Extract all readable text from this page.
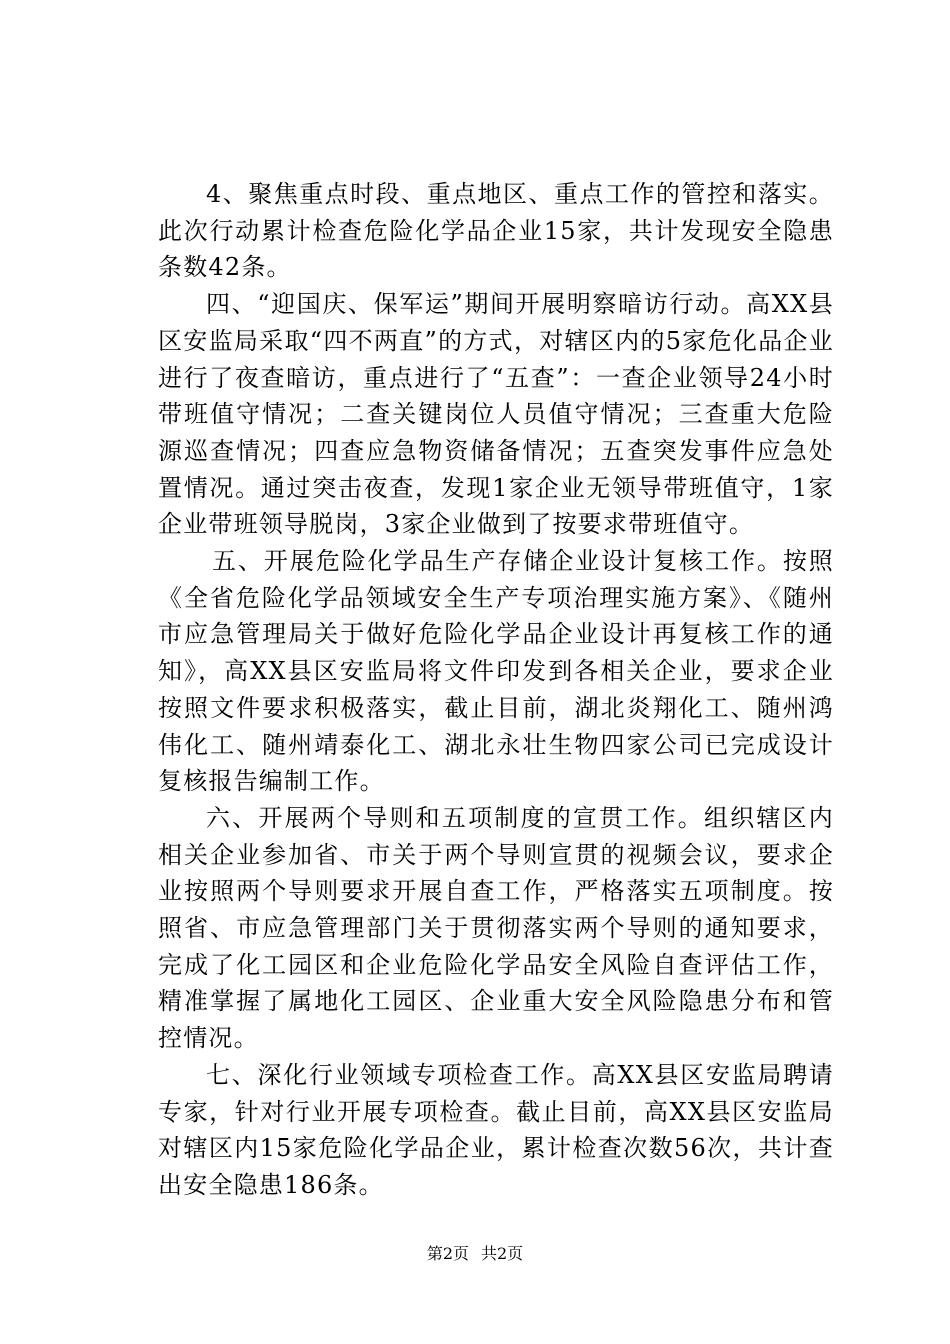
4、聚焦重点时段、重点地区、重点工作的管控和落实。此次行动累计检查危险化学品企业15家，共计发现安全隐患条数42条。

四、“迎国庆、保军运”期间开展明察暗访行动。高XX县区安监局采取“四不两直”的方式，对辖区内的5家危化品企业进行了夜查暗访，重点进行了“五查”：一查企业领导24小时带班值守情况；二查关键岗位人员值守情况；三查重大危险源巡查情况；四查应急物资储备情况；五查突发事件应急处置情况。通过突击夜查，发现1家企业无领导带班值守，1家企业带班领导脱岗，3家企业做到了按要求带班值守。

五、开展危险化学品生产存储企业设计复核工作。按照《全省危险化学品领域安全生产专项治理实施方案》、《随州市应急管理局关于做好危险化学品企业设计再复核工作的通知》，高XX县区安监局将文件印发到各相关企业，要求企业按照文件要求积极落实，截止目前，湖北炎翔化工、随州鸿伟化工、随州靖泰化工、湖北永壮生物四家公司已完成设计复核报告编制工作。

六、开展两个导则和五项制度的宣贯工作。组织辖区内相关企业参加省、市关于两个导则宣贯的视频会议，要求企业按照两个导则要求开展自查工作，严格落实五项制度。按照省、市应急管理部门关于贯彻落实两个导则的通知要求，完成了化工园区和企业危险化学品安全风险自查评估工作，精准掌握了属地化工园区、企业重大安全风险隐患分布和管控情况。

七、深化行业领域专项检查工作。高XX县区安监局聘请专家，针对行业开展专项检查。截止目前，高XX县区安监局对辖区内15家危险化学品企业，累计检查次数56次，共计查出安全隐患186条。

第2页 共2页
